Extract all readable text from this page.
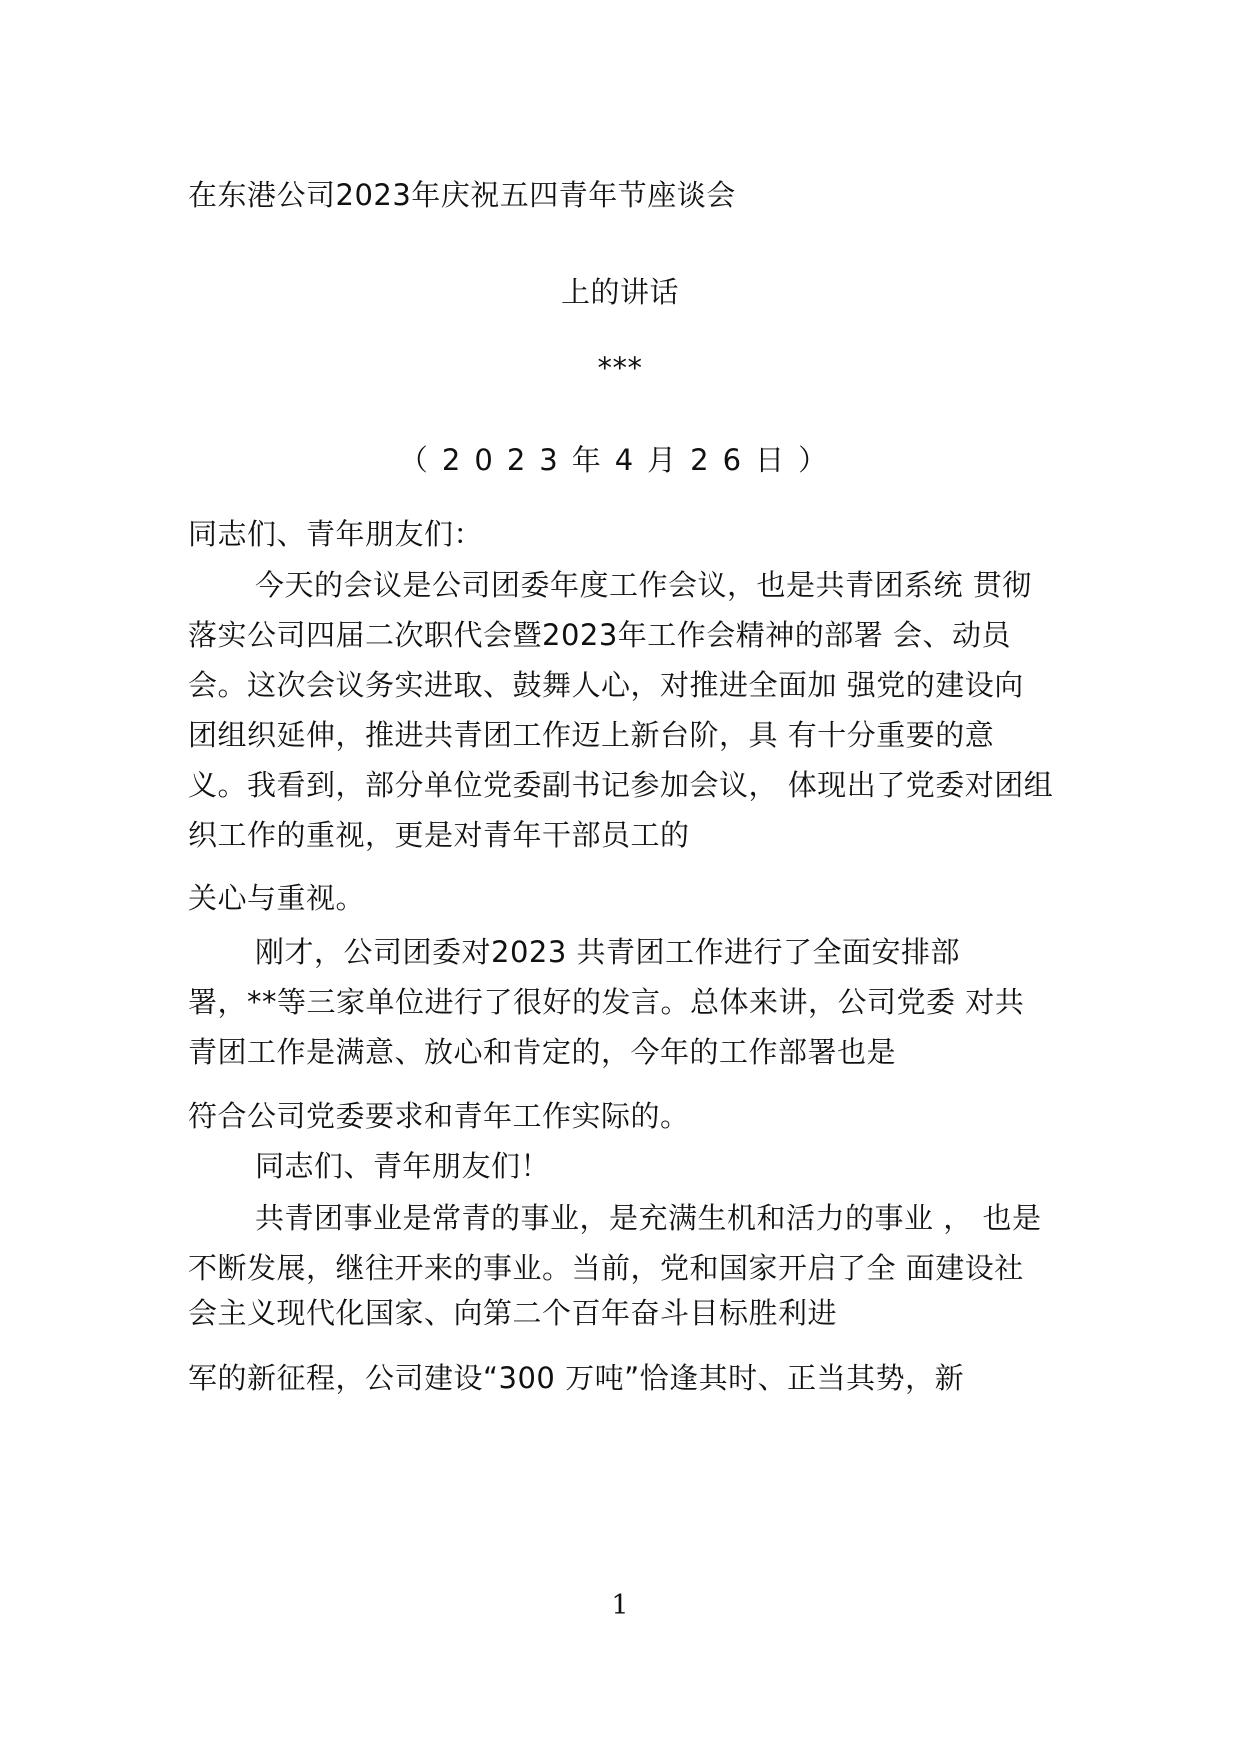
在东港公司2023年庆祝五四青年节座谈会
上的讲话
***
（2023年4月26日）
同志们、青年朋友们：
今天的会议是公司团委年度工作会议，也是共青团系统 贯彻
落实公司四届二次职代会暨2023年工作会精神的部署 会、动员
会。这次会议务实进取、鼓舞人心，对推进全面加 强党的建设向
团组织延伸，推进共青团工作迈上新台阶，具 有十分重要的意
义。我看到，部分单位党委副书记参加会议， 体现出了党委对团组
织工作的重视，更是对青年干部员工的
关心与重视。
刚才，公司团委对2023 共青团工作进行了全面安排部
署，**等三家单位进行了很好的发言。总体来讲，公司党委 对共
青团工作是满意、放心和肯定的，今年的工作部署也是
符合公司党委要求和青年工作实际的。
同志们、青年朋友们！
共青团事业是常青的事业，是充满生机和活力的事业 ， 也是
不断发展，继往开来的事业。当前，党和国家开启了全 面建设社
会主义现代化国家、向第二个百年奋斗目标胜利进
军的新征程，公司建设“300 万吨”恰逢其时、正当其势，新
1
